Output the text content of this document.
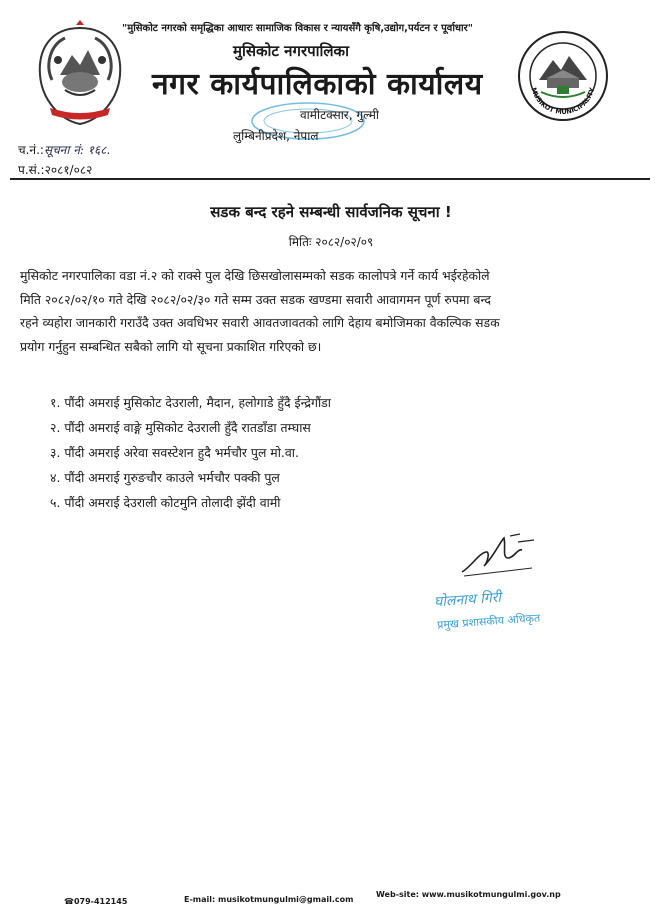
MUSIKOT MUNICIPALITY
"मुसिकोट नगरको समृद्धिका आधारः सामाजिक विकास र न्यायसँगै कृषि,उद्योग,पर्यटन र पूर्वाधार"
मुसिकोट नगरपालिका
नगर कार्यपालिकाको कार्यालय
वामीटक्सार, गुल्मी
लुम्बिनीप्रदेश, नेपाल
च.नं.:सूचना नं: १६८.
प.सं.:२०८१/०८२
सडक बन्द रहने सम्बन्धी सार्वजनिक सूचना !
मितिः २०८२/०२/०९
मुसिकोट नगरपालिका वडा नं.२ को राक्से पुल देखि छिसखोलासम्मको सडक कालोपत्रे गर्ने कार्य भईरहेकोले
मिति २०८२/०२/१० गते देखि २०८२/०२/३० गते सम्म उक्त सडक खण्डमा सवारी आवागमन पूर्ण रुपमा बन्द
रहने व्यहोरा जानकारी गराउँदै उक्त अवधिभर सवारी आवतजावतको लागि देहाय बमोजिमका वैकल्पिक सडक
प्रयोग गर्नुहुन सम्बन्धित सबैको लागि यो सूचना प्रकाशित गरिएको छ।
१. पौंदी अमराई मुसिकोट देउराली, मैदान, हलोगाडे हुँदै ईन्द्रेगौंडा
२. पौंदी अमराई वाङ्गे मुसिकोट देउराली हुँदै रातडाँडा तम्घास
३. पौंदी अमराई अरेवा सवस्टेशन हुदै भर्मचौर पुल मो.वा.
४. पौंदी अमराई गुरुङचौर काउले भर्मचौर पक्की पुल
५. पौंदी अमराई देउराली कोटमुनि तोलादी झेंदी वामी
घोलनाथ गिरी
प्रमुख प्रशासकीय अधिकृत
☎079-412145	E-mail: musikotmungulmi@gmail.com
Web-site: www.musikotmungulmi.gov.np
